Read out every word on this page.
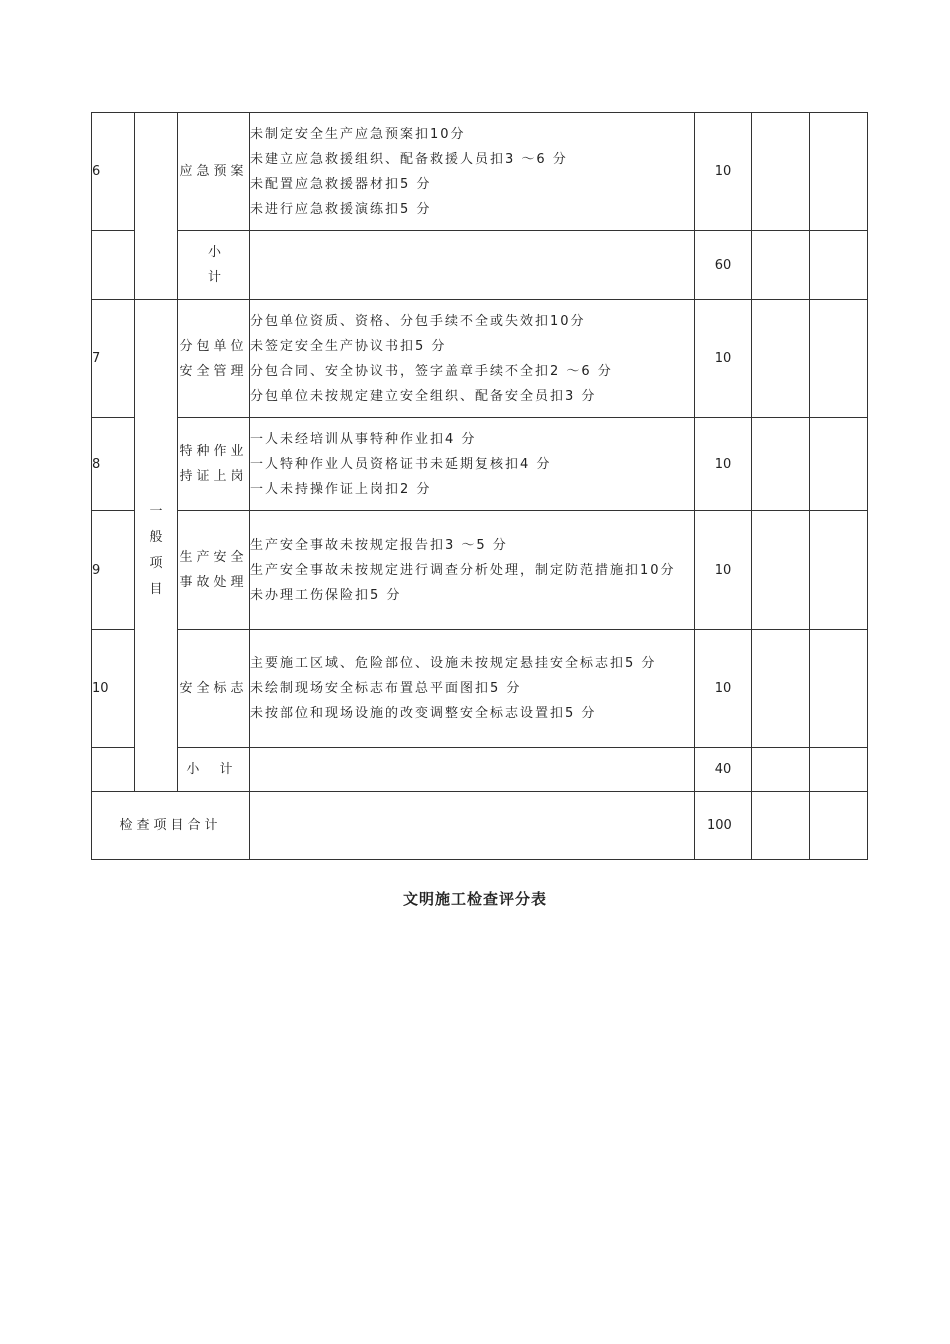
6		应急预案	未制定安全生产应急预案扣10分
未建立应急救援组织、配备救援人员扣3 ～6 分
未配置应急救援器材扣5 分
未进行应急救援演练扣5 分	10		
		小计		60		
7	一般项目	分包单位安全管理	分包单位资质、资格、分包手续不全或失效扣10分
未签定安全生产协议书扣5 分
分包合同、安全协议书，签字盖章手续不全扣2 ～6 分
分包单位未按规定建立安全组织、配备安全员扣3 分	10		
8		特种作业持证上岗	一人未经培训从事特种作业扣4 分
一人特种作业人员资格证书未延期复核扣4 分
一人未持操作证上岗扣2 分	10		
9		生产安全事故处理	生产安全事故未按规定报告扣3 ～5 分
生产安全事故未按规定进行调查分析处理，制定防范措施扣10分
未办理工伤保险扣5 分	10		
10		安全标志	主要施工区域、危险部位、设施未按规定悬挂安全标志扣5 分
未绘制现场安全标志布置总平面图扣5 分
未按部位和现场设施的改变调整安全标志设置扣5 分	10		
		小 计		40		
检查项目合计				100		
文明施工检查评分表
